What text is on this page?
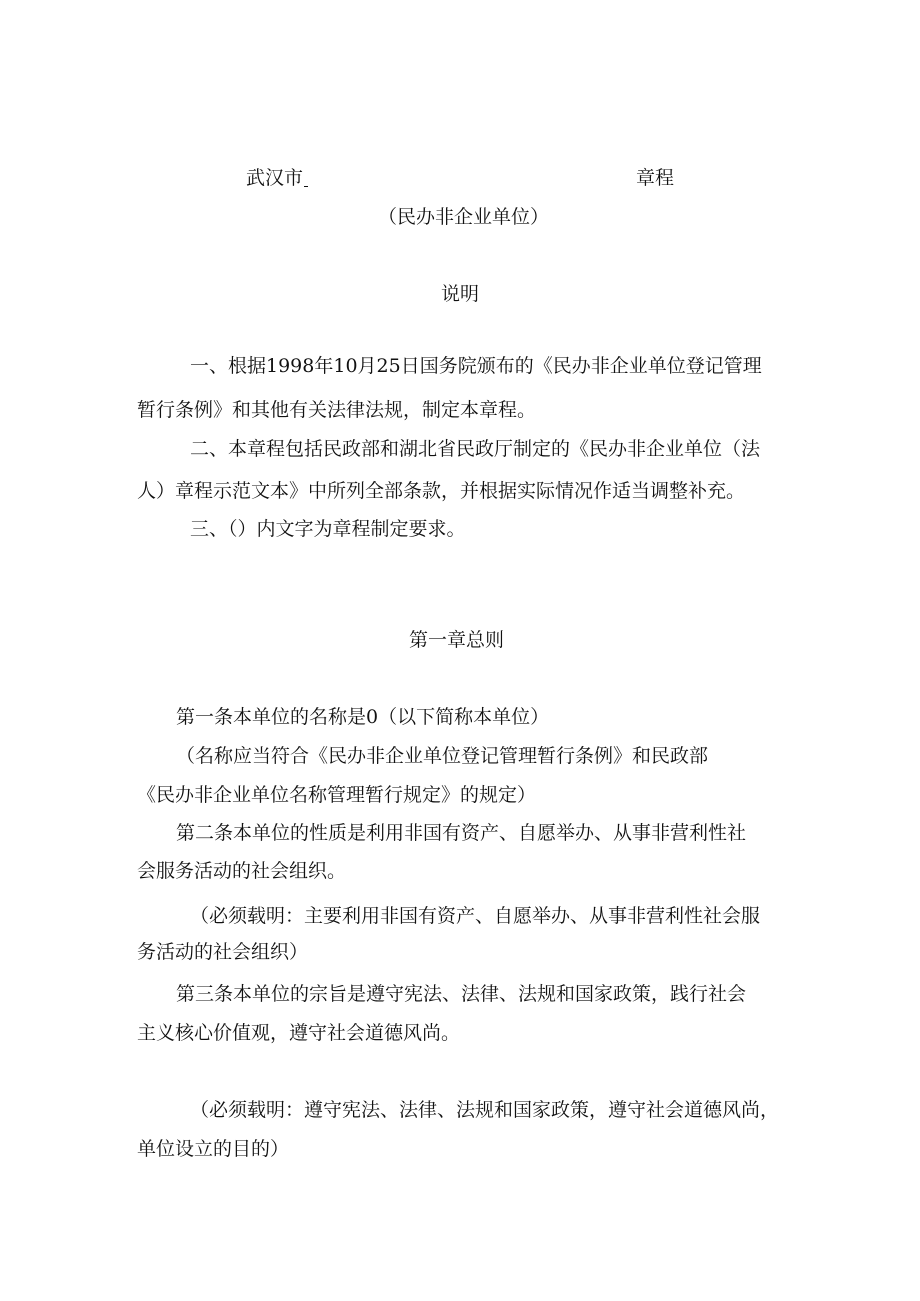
武汉市	章程
（民办非企业单位）
说明
一、根据1998年10月25日国务院颁布的《民办非企业单位登记管理
暂行条例》和其他有关法律法规，制定本章程。
二、本章程包括民政部和湖北省民政厅制定的《民办非企业单位（法
人）章程示范文本》中所列全部条款，并根据实际情况作适当调整补充。
三、（）内文字为章程制定要求。
第一章总则
第一条本单位的名称是0（以下简称本单位）
（名称应当符合《民办非企业单位登记管理暂行条例》和民政部
《民办非企业单位名称管理暂行规定》的规定）
第二条本单位的性质是利用非国有资产、自愿举办、从事非营利性社
会服务活动的社会组织。
（必须载明：主要利用非国有资产、自愿举办、从事非营利性社会服
务活动的社会组织）
第三条本单位的宗旨是遵守宪法、法律、法规和国家政策，践行社会
主义核心价值观，遵守社会道德风尚。
（必须载明：遵守宪法、法律、法规和国家政策，遵守社会道德风尚，
单位设立的目的）
